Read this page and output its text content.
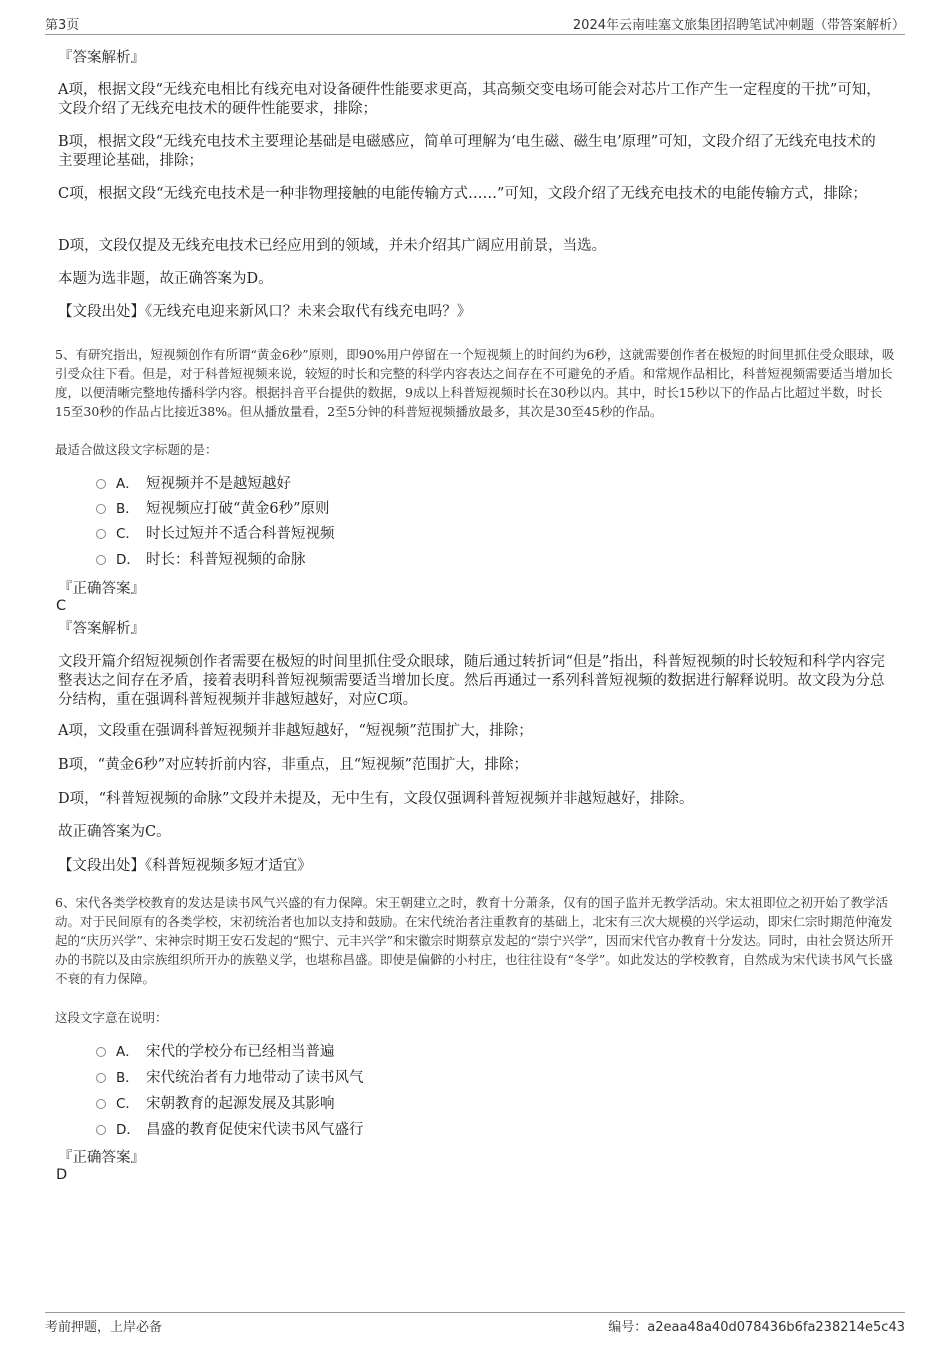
第3页	2024年云南哇塞文旅集团招聘笔试冲刺题（带答案解析）
『答案解析』
A项，根据文段“无线充电相比有线充电对设备硬件性能要求更高，其高频交变电场可能会对芯片工作产生一定程度的干扰”可知，文段介绍了无线充电技术的硬件性能要求，排除；
B项，根据文段“无线充电技术主要理论基础是电磁感应，简单可理解为‘电生磁、磁生电’原理”可知，文段介绍了无线充电技术的主要理论基础，排除；
C项，根据文段“无线充电技术是一种非物理接触的电能传输方式……”可知，文段介绍了无线充电技术的电能传输方式，排除；
D项，文段仅提及无线充电技术已经应用到的领域，并未介绍其广阔应用前景，当选。
本题为选非题，故正确答案为D。
【文段出处】《无线充电迎来新风口？未来会取代有线充电吗？》
5、有研究指出，短视频创作有所谓“黄金6秒”原则，即90%用户停留在一个短视频上的时间约为6秒，这就需要创作者在极短的时间里抓住受众眼球，吸引受众往下看。但是，对于科普短视频来说，较短的时长和完整的科学内容表达之间存在不可避免的矛盾。和常规作品相比，科普短视频需要适当增加长度，以便清晰完整地传播科学内容。根据抖音平台提供的数据，9成以上科普短视频时长在30秒以内。其中，时长15秒以下的作品占比超过半数，时长15至30秒的作品占比接近38%。但从播放量看，2至5分钟的科普短视频播放最多，其次是30至45秒的作品。
最适合做这段文字标题的是：
A． 短视频并不是越短越好
B． 短视频应打破“黄金6秒”原则
C． 时长过短并不适合科普短视频
D． 时长：科普短视频的命脉
『正确答案』
C
『答案解析』
文段开篇介绍短视频创作者需要在极短的时间里抓住受众眼球，随后通过转折词“但是”指出，科普短视频的时长较短和科学内容完整表达之间存在矛盾，接着表明科普短视频需要适当增加长度。然后再通过一系列科普短视频的数据进行解释说明。故文段为分总分结构，重在强调科普短视频并非越短越好，对应C项。
A项，文段重在强调科普短视频并非越短越好，“短视频”范围扩大，排除；
B项，“黄金6秒”对应转折前内容，非重点，且“短视频”范围扩大，排除；
D项，“科普短视频的命脉”文段并未提及，无中生有，文段仅强调科普短视频并非越短越好，排除。
故正确答案为C。
【文段出处】《科普短视频多短才适宜》
6、宋代各类学校教育的发达是读书风气兴盛的有力保障。宋王朝建立之时，教育十分萧条，仅有的国子监并无教学活动。宋太祖即位之初开始了教学活动。对于民间原有的各类学校，宋初统治者也加以支持和鼓励。在宋代统治者注重教育的基础上，北宋有三次大规模的兴学运动，即宋仁宗时期范仲淹发起的“庆历兴学”、宋神宗时期王安石发起的“熙宁、元丰兴学”和宋徽宗时期蔡京发起的“崇宁兴学”，因而宋代官办教育十分发达。同时，由社会贤达所开办的书院以及由宗族组织所开办的族塾义学，也堪称昌盛。即使是偏僻的小村庄，也往往设有“冬学”。如此发达的学校教育，自然成为宋代读书风气长盛不衰的有力保障。
这段文字意在说明：
A． 宋代的学校分布已经相当普遍
B． 宋代统治者有力地带动了读书风气
C． 宋朝教育的起源发展及其影响
D． 昌盛的教育促使宋代读书风气盛行
『正确答案』
D
考前押题，上岸必备	编号：a2eaa48a40d078436b6fa238214e5c43
